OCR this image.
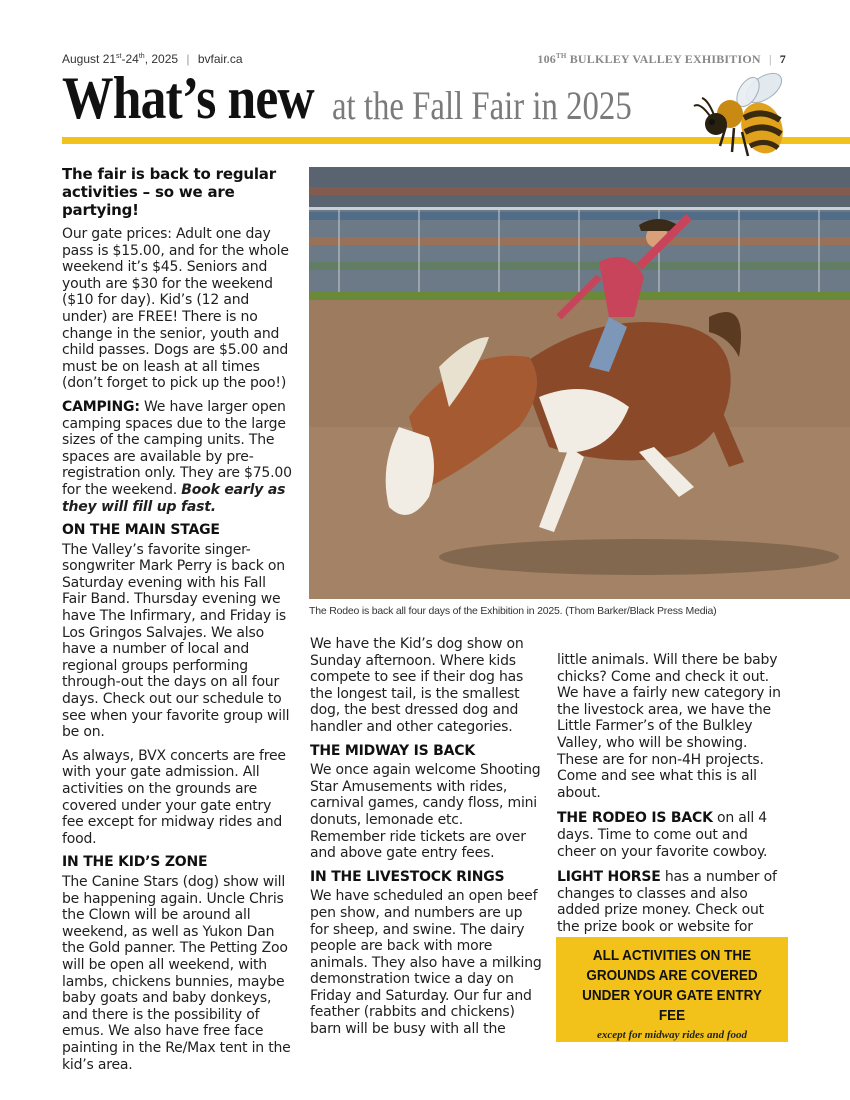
August 21st-24th, 2025 | bvfair.ca	106TH BULKLEY VALLEY EXHIBITION | 7
What’s new at the Fall Fair in 2025

The fair is back to regular activities – so we are partying!

Our gate prices: Adult one day pass is $15.00, and for the whole weekend it’s $45. Seniors and youth are $30 for the weekend ($10 for day). Kid’s (12 and under) are FREE! There is no change in the senior, youth and child passes. Dogs are $5.00 and must be on leash at all times (don’t forget to pick up the poo!)

CAMPING: We have larger open camping spaces due to the large sizes of the camping units. The spaces are available by pre-registration only. They are $75.00 for the weekend. Book early as they will fill up fast.

ON THE MAIN STAGE

The Valley’s favorite singer-songwriter Mark Perry is back on Saturday evening with his Fall Fair Band. Thursday evening we have The Infirmary, and Friday is Los Gringos Salvajes. We also have a number of local and regional groups performing through-out the days on all four days. Check out our schedule to see when your favorite group will be on.

As always, BVX concerts are free with your gate admission. All activities on the grounds are covered under your gate entry fee except for midway rides and food.

IN THE KID’S ZONE

The Canine Stars (dog) show will be happening again. Uncle Chris the Clown will be around all weekend, as well as Yukon Dan the Gold panner. The Petting Zoo will be open all weekend, with lambs, chickens bunnies, maybe baby goats and baby donkeys, and there is the possibility of emus. We also have free face painting in the Re/Max tent in the kid’s area.

The Rodeo is back all four days of the Exhibition in 2025. (Thom Barker/Black Press Media)

We have the Kid’s dog show on Sunday afternoon. Where kids compete to see if their dog has the longest tail, is the smallest dog, the best dressed dog and handler and other categories.

THE MIDWAY IS BACK

We once again welcome Shooting Star Amusements with rides, carnival games, candy floss, mini donuts, lemonade etc. Remember ride tickets are over and above gate entry fees.

IN THE LIVESTOCK RINGS

We have scheduled an open beef pen show, and numbers are up for sheep, and swine. The dairy people are back with more animals. They also have a milking demonstration twice a day on Friday and Saturday. Our fur and feather (rabbits and chickens) barn will be busy with all the

little animals. Will there be baby chicks? Come and check it out. We have a fairly new category in the livestock area, we have the Little Farmer’s of the Bulkley Valley, who will be showing. These are for non-4H projects. Come and see what this is all about.

THE RODEO IS BACK on all 4 days. Time to come out and cheer on your favorite cowboy.

LIGHT HORSE has a number of changes to classes and also added prize money. Check out the prize book or website for

ALL ACTIVITIES ON THE GROUNDS ARE COVERED UNDER YOUR GATE ENTRY FEE
except for midway rides and food
